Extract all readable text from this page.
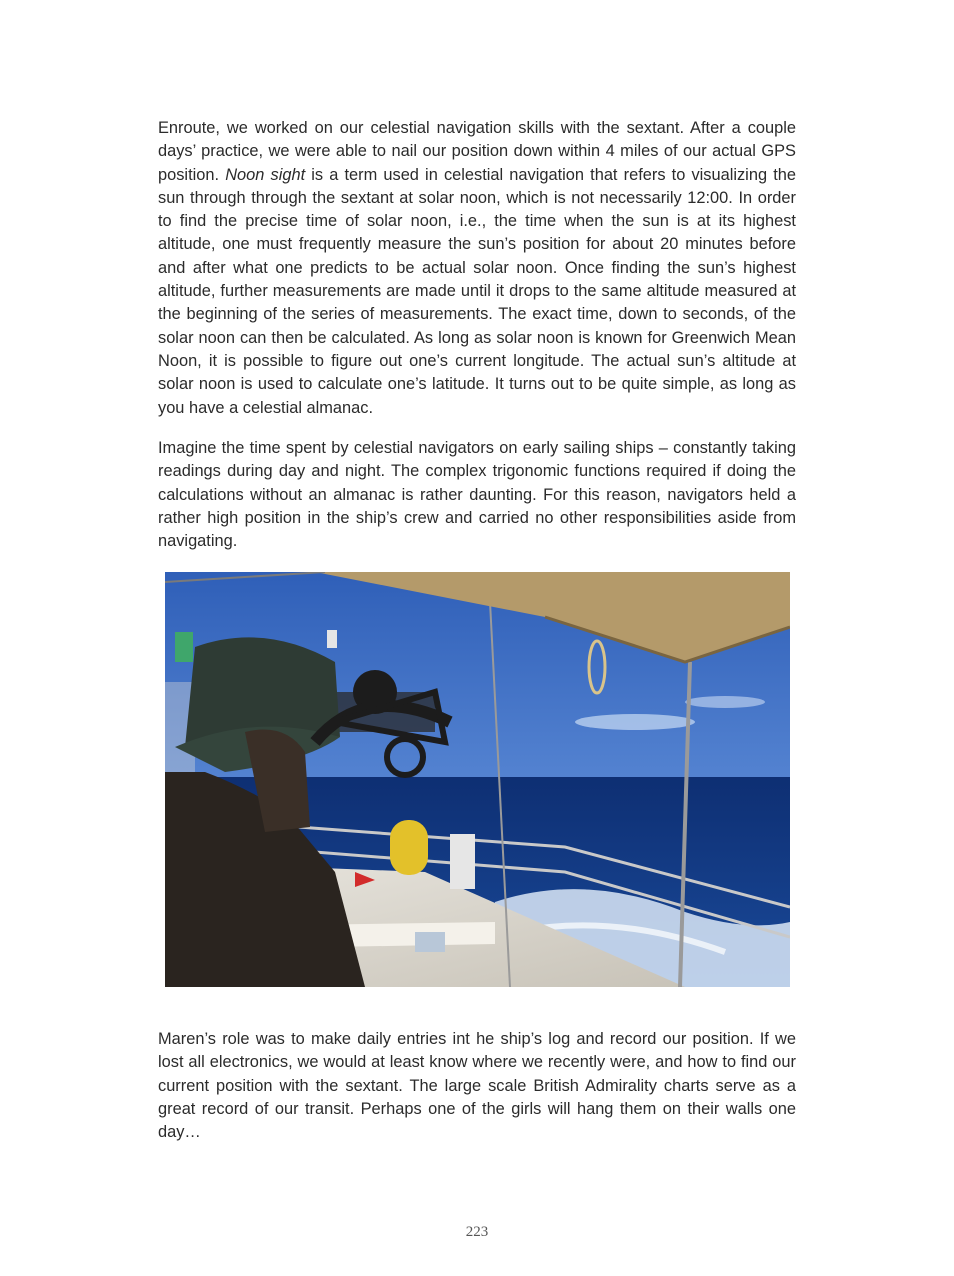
Enroute, we worked on our celestial navigation skills with the sextant. After a couple days’ practice, we were able to nail our position down within 4 miles of our actual GPS position. Noon sight is a term used in celestial navigation that refers to visualizing the sun through through the sextant at solar noon, which is not necessarily 12:00. In order to find the precise time of solar noon, i.e., the time when the sun is at its highest altitude, one must frequently measure the sun’s position for about 20 minutes before and after what one predicts to be actual solar noon. Once finding the sun’s highest altitude, further measurements are made until it drops to the same altitude measured at the beginning of the series of measurements. The exact time, down to seconds, of the solar noon can then be calculated. As long as solar noon is known for Greenwich Mean Noon, it is possible to figure out one’s current longitude. The actual sun’s altitude at solar noon is used to calculate one’s latitude. It turns out to be quite simple, as long as you have a celestial almanac.

Imagine the time spent by celestial navigators on early sailing ships – constantly taking readings during day and night. The complex trigonomic functions required if doing the calculations without an almanac is rather daunting. For this reason, navigators held a rather high position in the ship’s crew and carried no other responsibilities aside from navigating.

Maren’s role was to make daily entries int he ship’s log and record our position. If we lost all electronics, we would at least know where we recently were, and how to find our current position with the sextant. The large scale British Admirality charts serve as a great record of our transit. Perhaps one of the girls will hang them on their walls one day…

223
